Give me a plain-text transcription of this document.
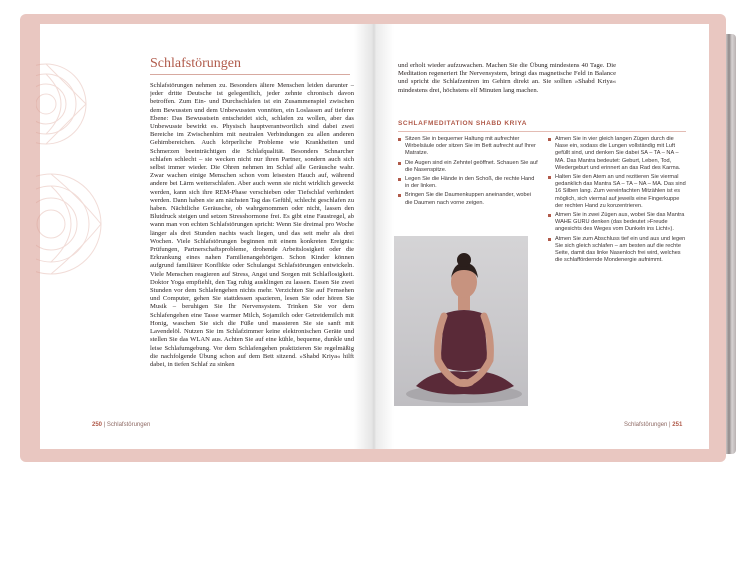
Schlafstörungen
Schlafstörungen nehmen zu. Besonders ältere Menschen leiden darunter – jeder dritte Deutsche ist gelegentlich, jeder zehnte chronisch davon betroffen. Zum Ein- und Durchschlafen ist ein Zusammenspiel zwischen dem Bewussten und dem Unbewussten vonnöten, ein Loslassen auf tieferer Ebene: Das Bewusstsein entscheidet sich, schlafen zu wollen, aber das Unbewusste bewirkt es. Physisch hauptverantwortlich sind dabei zwei Bereiche im Zwischenhirn mit neutralen Verbindungen zu allen anderen Gehirnbereichen. Auch körperliche Probleme wie Krankheiten und Schmerzen beeinträchtigen die Schlafqualität. Besonders Schnarcher schlafen schlecht – sie wecken nicht nur ihren Partner, sondern auch sich selbst immer wieder. Die Ohren nehmen im Schlaf alle Geräusche wahr. Zwar wachen einige Menschen schon vom leisesten Hauch auf, während andere bei Lärm weiterschlafen. Aber auch wenn sie nicht wirklich geweckt werden, kann sich ihre REM-Phase verschieben oder Tiefschlaf verhindert werden. Dann haben sie am nächsten Tag das Gefühl, schlecht geschlafen zu haben. Nächtliche Geräusche, ob wahrgenommen oder nicht, lassen den Blutdruck steigen und setzen Stresshormone frei. Es gibt eine Faustregel, ab wann man von echten Schlafstörungen spricht: Wenn Sie dreimal pro Woche länger als drei Stunden nachts wach liegen, und das seit mehr als drei Wochen. Viele Schlafstörungen beginnen mit einem konkreten Ereignis: Prüfungen, Partnerschaftsprobleme, drohende Arbeitslosigkeit oder die Erkrankung eines nahen Familienangehörigen. Schon Kinder können aufgrund familiärer Konflikte oder Schulangst Schlafstörungen entwickeln. Viele Menschen reagieren auf Stress, Angst und Sorgen mit Schlaflosigkeit. Doktor Yoga empfiehlt, den Tag ruhig ausklingen zu lassen. Essen Sie zwei Stunden vor dem Schlafengehen nichts mehr. Verzichten Sie auf Fernsehen und Computer, gehen Sie stattdessen spazieren, lesen Sie oder hören Sie Musik – beruhigen Sie Ihr Nervensystem. Trinken Sie vor dem Schlafengehen eine Tasse warmer Milch, Sojamilch oder Getreidemilch mit Honig, waschen Sie sich die Füße und massieren Sie sie sanft mit Lavendelöl. Nutzen Sie im Schlafzimmer keine elektronischen Geräte und stellen Sie das WLAN aus. Achten Sie auf eine kühle, bequeme, dunkle und leise Schlafumgebung. Vor dem Schlafengehen praktizieren Sie regelmäßig die nachfolgende Übung schon auf dem Bett sitzend. »Shabd Kriya« hilft dabei, in tiefen Schlaf zu sinken
250 | Schlafstörungen
und erholt wieder aufzuwachen. Machen Sie die Übung mindestens 40 Tage. Die Meditation regeneriert Ihr Nervensystem, bringt das magnetische Feld in Balance und spricht die Schlafzentren im Gehirn direkt an. Sie sollten »Shabd Kriya« mindestens drei, höchstens elf Minuten lang machen.
SCHLAFMEDITATION SHABD KRIYA
Sitzen Sie in bequemer Haltung mit aufrechter Wirbelsäule oder sitzen Sie im Bett aufrecht auf Ihrer Matratze.
Die Augen sind ein Zehntel geöffnet. Schauen Sie auf die Nasenspitze.
Legen Sie die Hände in den Schoß, die rechte Hand in der linken.
Bringen Sie die Daumenkuppen aneinander, wobei die Daumen nach vorne zeigen.
Atmen Sie in vier gleich langen Zügen durch die Nase ein, sodass die Lungen vollständig mit Luft gefüllt sind, und denken Sie dabei SA – TA – NA – MA. Das Mantra bedeutet: Geburt, Leben, Tod, Wiedergeburt und erinnert an das Rad des Karma.
Halten Sie den Atem an und rezitieren Sie viermal gedanklich das Mantra SA – TA – NA – MA. Das sind 16 Silben lang. Zum vereinfachten Mitzählen ist es möglich, sich viermal auf jeweils eine Fingerkuppe der rechten Hand zu konzentrieren.
Atmen Sie in zwei Zügen aus, wobei Sie das Mantra WAHE GURU denken (das bedeutet »Freude angesichts des Weges vom Dunkeln ins Licht«).
Atmen Sie zum Abschluss tief ein und aus und legen Sie sich gleich schlafen – am besten auf die rechte Seite, damit das linke Nasenloch frei wird, welches die schlaffördernde Mondenergie aufnimmt.
Schlafstörungen | 251
